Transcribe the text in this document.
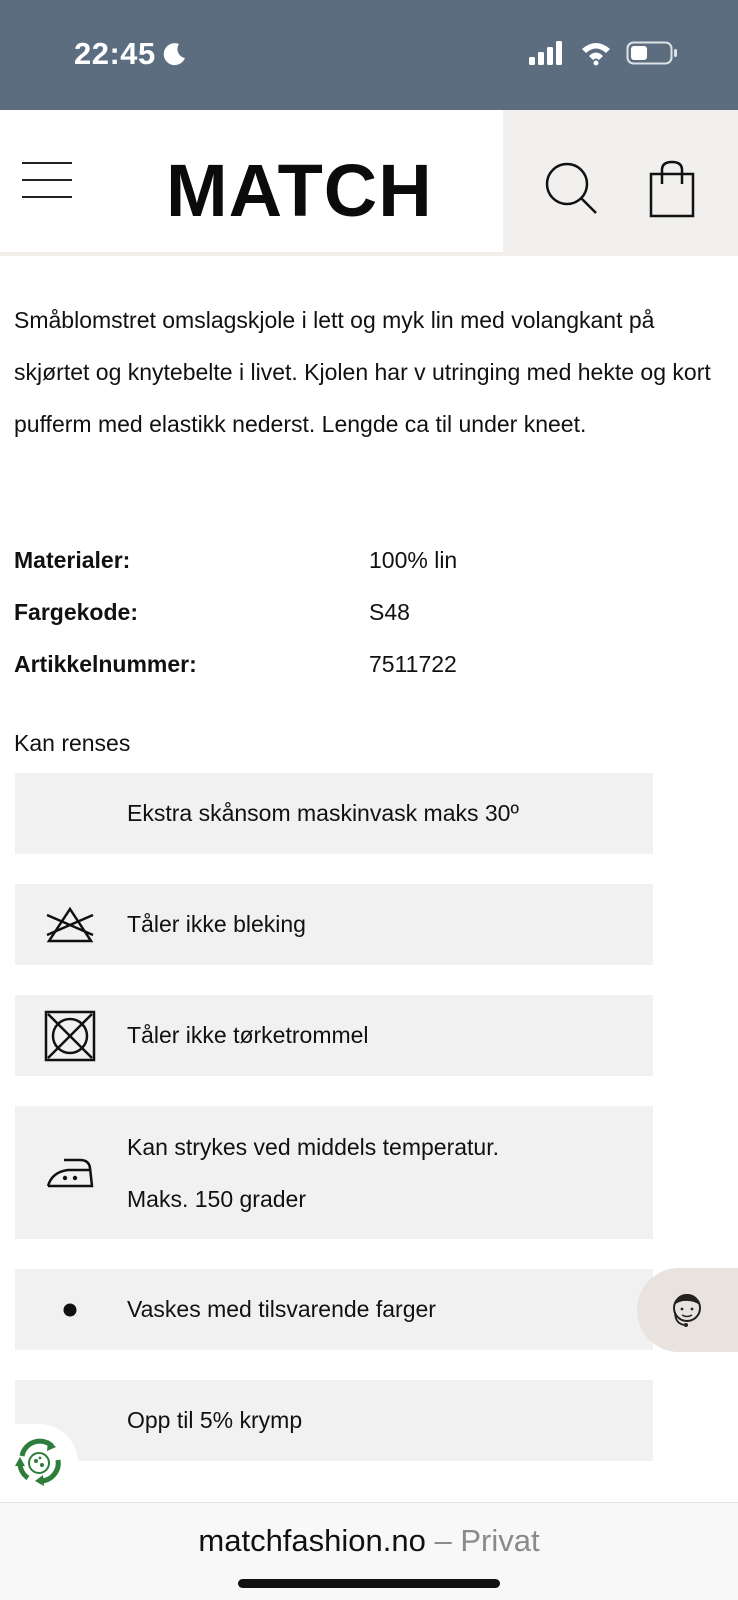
22:45
MATCH

Småblomstret omslagskjole i lett og myk lin med volangkant på skjørtet og knytebelte i livet. Kjolen har v utringing med hekte og kort pufferm med elastikk nederst. Lengde ca til under kneet.

Materialer:	100% lin
Fargekode:	S48
Artikkelnummer:	7511722
Kan renses
Ekstra skånsom maskinvask maks 30º
Tåler ikke bleking
Tåler ikke tørketrommel
Kan strykes ved middels temperatur.
Maks. 150 grader
Vaskes med tilsvarende farger
Opp til 5% krymp
matchfashion.no – Privat
